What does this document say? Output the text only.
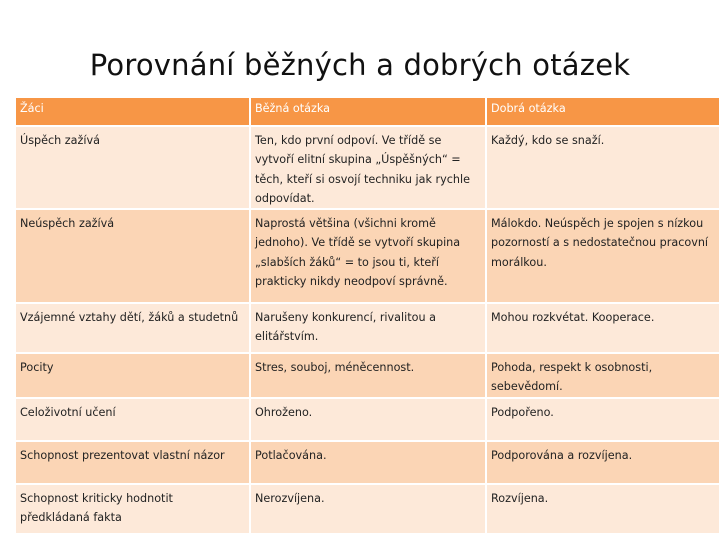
Porovnání běžných a dobrých otázek
Žáci	Běžná otázka	Dobrá otázka
Úspěch zažívá	Ten, kdo první odpoví. Ve třídě se vytvoří elitní skupina „Úspěšných“ = těch, kteří si osvojí techniku jak rychle odpovídat.	Každý, kdo se snaží.
Neúspěch zažívá	Naprostá většina (všichni kromě jednoho). Ve třídě se vytvoří skupina „slabších žáků“ = to jsou ti, kteří prakticky nikdy neodpoví správně.	Málokdo. Neúspěch je spojen s nízkou pozorností a s nedostatečnou pracovní morálkou.
Vzájemné vztahy dětí, žáků a studetnů	Narušeny konkurencí, rivalitou a elitářstvím.	Mohou rozkvétat. Kooperace.
Pocity	Stres, souboj, méněcennost.	Pohoda, respekt k osobnosti, sebevědomí.
Celoživotní učení	Ohroženo.	Podpořeno.
Schopnost prezentovat vlastní názor	Potlačována.	Podporována a rozvíjena.
Schopnost kriticky hodnotit předkládaná fakta	Nerozvíjena.	Rozvíjena.
